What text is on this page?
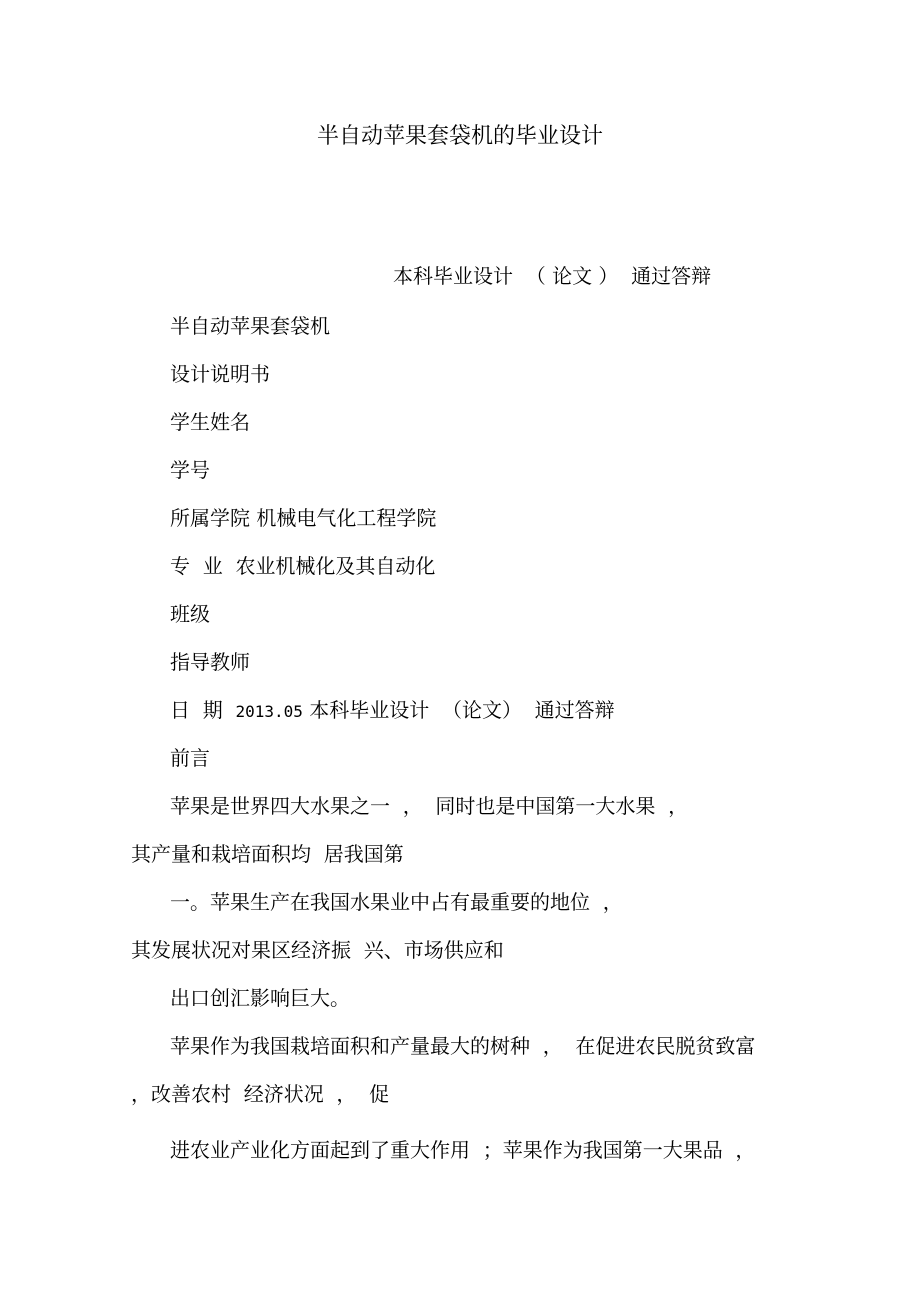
半自动苹果套袋机的毕业设计
本科毕业设计  （ 论文 ）  通过答辩
半自动苹果套袋机
设计说明书
学生姓名
学号
所属学院 机械电气化工程学院
专  业 农业机械化及其自动化
班级
指导教师
日  期 2013.05 本科毕业设计  （论文）  通过答辩
前言
苹果是世界四大水果之一  ，  同时也是中国第一大水果  ，
其产量和栽培面积均  居我国第
一。苹果生产在我国水果业中占有最重要的地位  ，
其发展状况对果区经济振  兴、市场供应和
出口创汇影响巨大。
苹果作为我国栽培面积和产量最大的树种  ，  在促进农民脱贫致富
，改善农村  经济状况  ，  促
进农业产业化方面起到了重大作用  ；苹果作为我国第一大果品  ，
